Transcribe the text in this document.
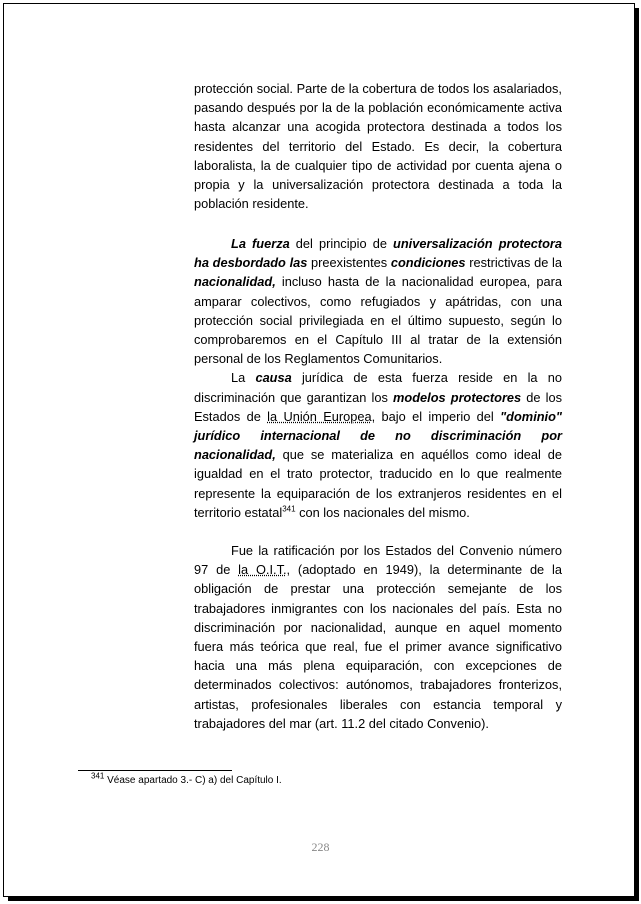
protección social. Parte de la cobertura de todos los asalariados, pasando después por la de la población económicamente activa hasta alcanzar una acogida protectora destinada a todos los residentes del territorio del Estado. Es decir, la cobertura laboralista, la de cualquier tipo de actividad por cuenta ajena o propia y la universalización protectora destinada a toda la población residente.

La fuerza del principio de universalización protectora ha desbordado las preexistentes condiciones restrictivas de la nacionalidad, incluso hasta de la nacionalidad europea, para amparar colectivos, como refugiados y apátridas, con una protección social privilegiada en el último supuesto, según lo comprobaremos en el Capítulo III al tratar de la extensión personal de los Reglamentos Comunitarios.

La causa jurídica de esta fuerza reside en la no discriminación que garantizan los modelos protectores de los Estados de la Unión Europea, bajo el imperio del "dominio" jurídico internacional de no discriminación por nacionalidad, que se materializa en aquéllos como ideal de igualdad en el trato protector, traducido en lo que realmente represente la equiparación de los extranjeros residentes en el territorio estatal$^{341}$ con los nacionales del mismo.

Fue la ratificación por los Estados del Convenio número 97 de la O.I.T., (adoptado en 1949), la determinante de la obligación de prestar una protección semejante de los trabajadores inmigrantes con los nacionales del país. Esta no discriminación por nacionalidad, aunque en aquel momento fuera más teórica que real, fue el primer avance significativo hacia una más plena equiparación, con excepciones de determinados colectivos: autónomos, trabajadores fronterizos, artistas, profesionales liberales con estancia temporal y trabajadores del mar (art. 11.2 del citado Convenio).

$^{341}$ Véase apartado 3.- C) a) del Capítulo I.
228
